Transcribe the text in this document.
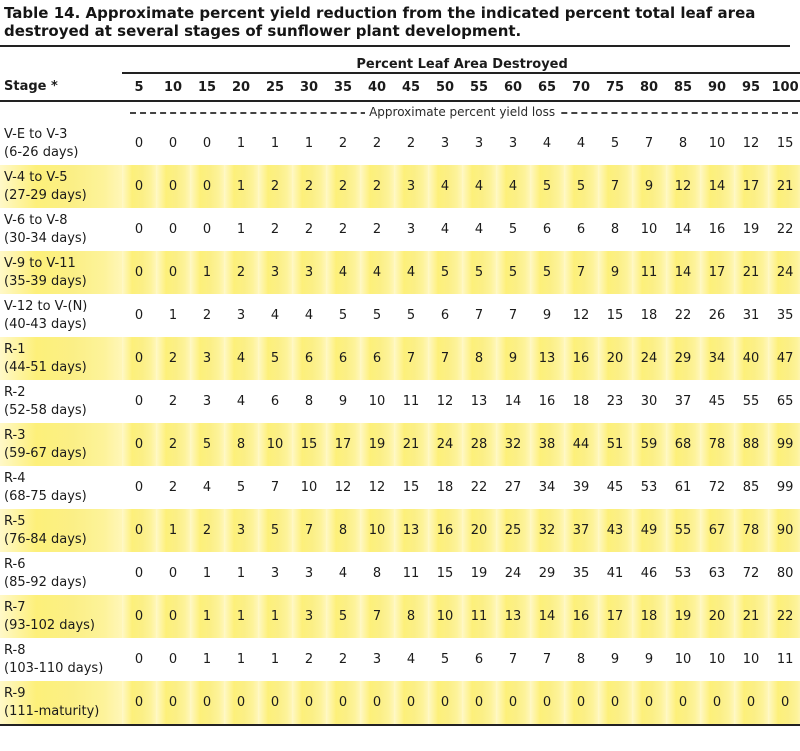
Table 14. Approximate percent yield reduction from the indicated percent total leaf area destroyed at several stages of sunflower plant development.
	Percent Leaf Area Destroyed																			
Stage *	5	10	15	20	25	30	35	40	45	50	55	60	65	70	75	80	85	90	95	100

Approximate percent yield loss																			

V-E to V-3
(6-26 days)	0	0	0	1	1	1	2	2	2	3	3	3	4	4	5	7	8	10	12	15

V-4 to V-5
(27-29 days)	0	0	0	1	2	2	2	2	3	4	4	4	5	5	7	9	12	14	17	21

V-6 to V-8
(30-34 days)	0	0	0	1	2	2	2	2	3	4	4	5	6	6	8	10	14	16	19	22

V-9 to V-11
(35-39 days)	0	0	1	2	3	3	4	4	4	5	5	5	5	7	9	11	14	17	21	24

V-12 to V-(N)
(40-43 days)	0	1	2	3	4	4	5	5	5	6	7	7	9	12	15	18	22	26	31	35

R-1
(44-51 days)	0	2	3	4	5	6	6	6	7	7	8	9	13	16	20	24	29	34	40	47

R-2
(52-58 days)	0	2	3	4	6	8	9	10	11	12	13	14	16	18	23	30	37	45	55	65

R-3
(59-67 days)	0	2	5	8	10	15	17	19	21	24	28	32	38	44	51	59	68	78	88	99

R-4
(68-75 days)	0	2	4	5	7	10	12	12	15	18	22	27	34	39	45	53	61	72	85	99

R-5
(76-84 days)	0	1	2	3	5	7	8	10	13	16	20	25	32	37	43	49	55	67	78	90

R-6
(85-92 days)	0	0	1	1	3	3	4	8	11	15	19	24	29	35	41	46	53	63	72	80

R-7
(93-102 days)	0	0	1	1	1	3	5	7	8	10	11	13	14	16	17	18	19	20	21	22

R-8
(103-110 days)	0	0	1	1	1	2	2	3	4	5	6	7	7	8	9	9	10	10	10	11

R-9
(111-maturity)	0	0	0	0	0	0	0	0	0	0	0	0	0	0	0	0	0	0	0	0
